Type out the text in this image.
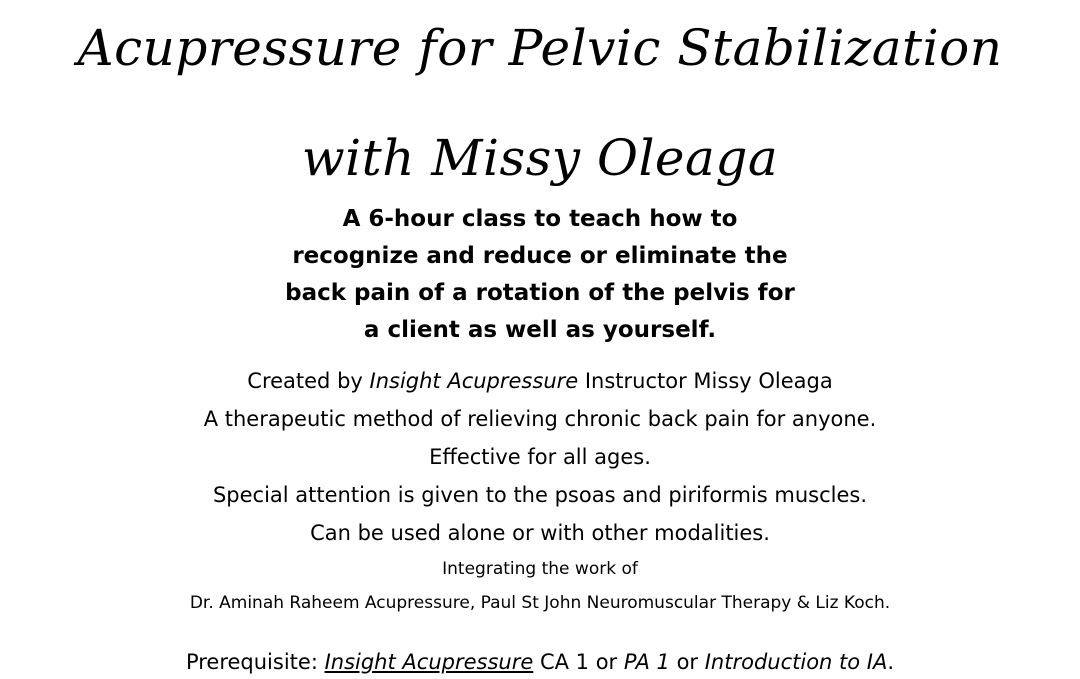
Acupressure for Pelvic Stabilization
with Missy Oleaga
A 6-hour class to teach how to
recognize and reduce or eliminate the
back pain of a rotation of the pelvis for
a client as well as yourself.
Created by Insight Acupressure Instructor Missy Oleaga
A therapeutic method of relieving chronic back pain for anyone.
Effective for all ages.
Special attention is given to the psoas and piriformis muscles.
Can be used alone or with other modalities.
Integrating the work of
Dr. Aminah Raheem Acupressure, Paul St John Neuromuscular Therapy & Liz Koch.
Prerequisite: Insight Acupressure CA 1 or PA 1 or Introduction to IA.
